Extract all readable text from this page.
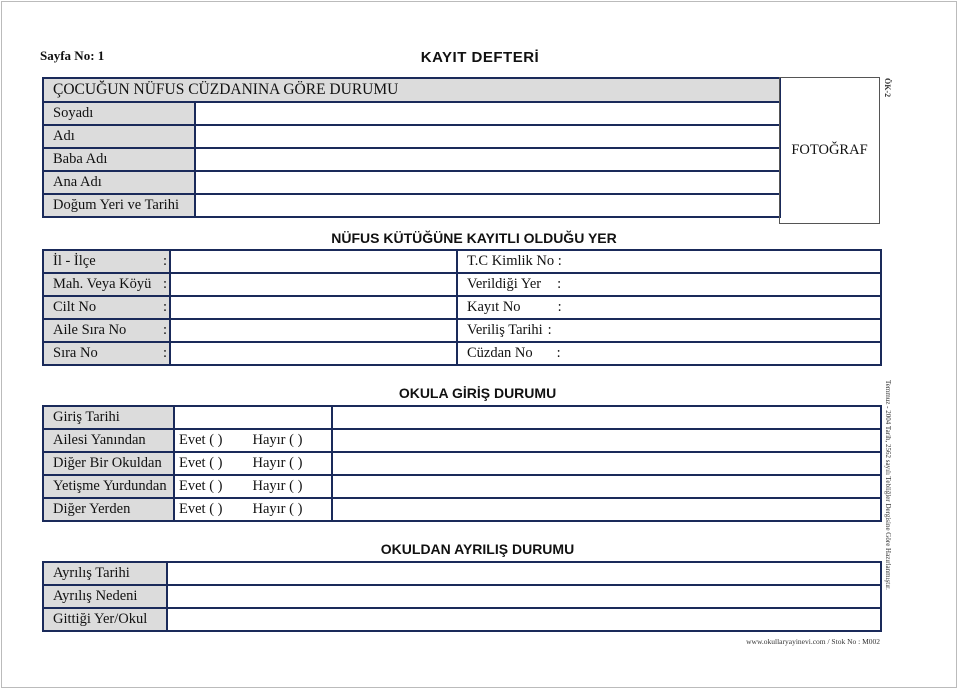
Sayfa No: 1	KAYIT DEFTERİ
ÖK-2
Temmuz - 2004 Tarih, 2562 sayılı Tebliğler Dergisine Göre Hazırlanmıştır.
ÇOCUĞUN NÜFUS CÜZDANINA GÖRE DURUMU	
Soyadı	
Adı	
Baba Adı	
Ana Adı	
Doğum Yeri ve Tarihi	
FOTOĞRAF
NÜFUS KÜTÜĞÜNE KAYITLI OLDUĞU YER
İl - İlçe :		T.C Kimlik No :
Mah. Veya Köyü :		Verildiği Yer :
Cilt No :		Kayıt No :
Aile Sıra No :		Veriliş Tarihi :
Sıra No :		Cüzdan No :
OKULA GİRİŞ DURUMU
Giriş Tarihi		
Ailesi Yanından	Evet ( ) Hayır ( )	
Diğer Bir Okuldan	Evet ( ) Hayır ( )	
Yetişme Yurdundan	Evet ( ) Hayır ( )	
Diğer Yerden	Evet ( ) Hayır ( )	
OKULDAN AYRILIŞ DURUMU
Ayrılış Tarihi	
Ayrılış Nedeni	
Gittiği Yer/Okul	
www.okullaryayinevi.com / Stok No : M002
